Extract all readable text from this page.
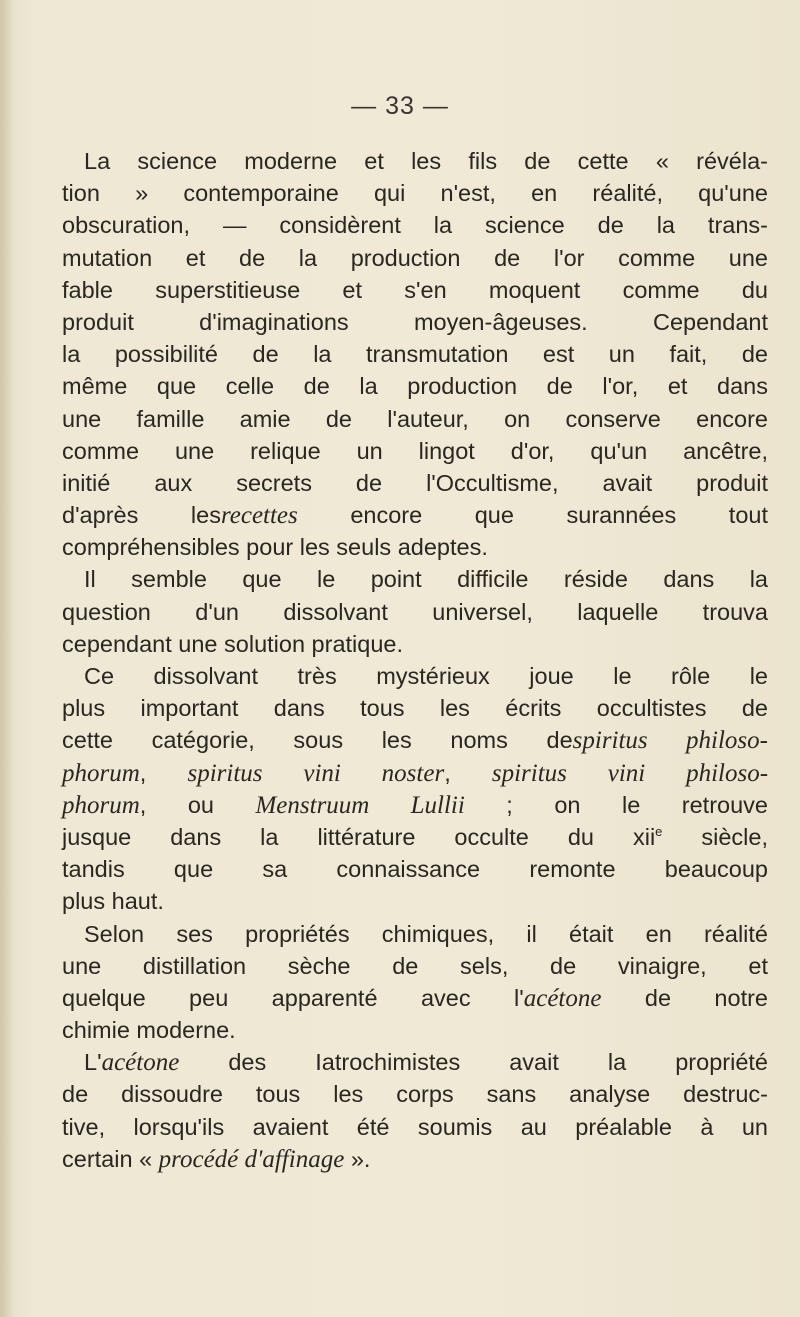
— 33 —
La science moderne et les fils de cette « révéla-
tion » contemporaine qui n'est, en réalité, qu'une
obscuration, — considèrent la science de la trans-
mutation et de la production de l'or comme une
fable superstitieuse et s'en moquent comme du
produit d'imaginations moyen-âgeuses. Cependant
la possibilité de la transmutation est un fait, de
même que celle de la production de l'or, et dans
une famille amie de l'auteur, on conserve encore
comme une relique un lingot d'or, qu'un ancêtre,
initié aux secrets de l'Occultisme, avait produit
d'après lesrecettes encore que surannées tout
compréhensibles pour les seuls adeptes.
Il semble que le point difficile réside dans la
question d'un dissolvant universel, laquelle trouva
cependant une solution pratique.
Ce dissolvant très mystérieux joue le rôle le
plus important dans tous les écrits occultistes de
cette catégorie, sous les noms despiritus philoso-
phorum, spiritus vini noster, spiritus vini philoso-
phorum, ou Menstruum Lullii ; on le retrouve
jusque dans la littérature occulte du xii$^e$ siècle,
tandis que sa connaissance remonte beaucoup
plus haut.
Selon ses propriétés chimiques, il était en réalité
une distillation sèche de sels, de vinaigre, et
quelque peu apparenté avec l'acétone de notre
chimie moderne.
L'acétone des Iatrochimistes avait la propriété
de dissoudre tous les corps sans analyse destruc-
tive, lorsqu'ils avaient été soumis au préalable à un
certain « procédé d'affinage ».
